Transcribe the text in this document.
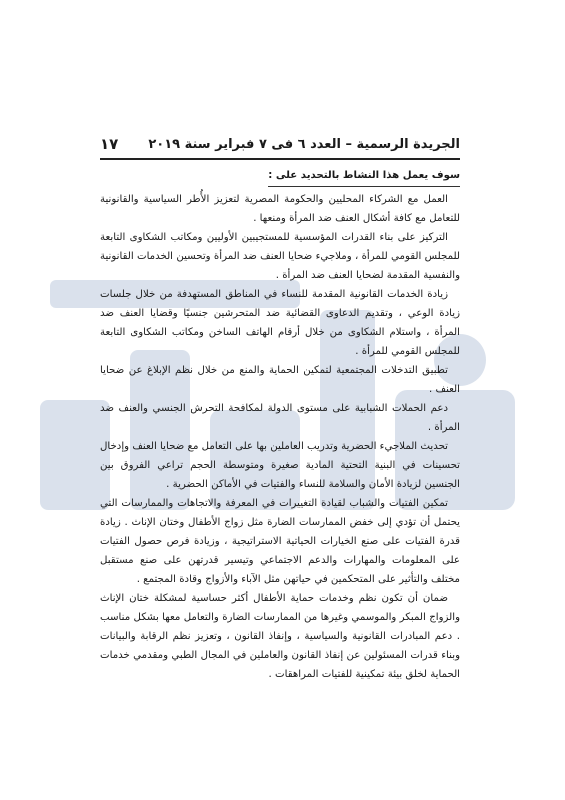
الجريدة الرسمية – العدد ٦ فى ٧ فبراير سنة ٢٠١٩
١٧

سوف يعمل هذا النشاط بالتحديد على :

العمل مع الشركاء المحليين والحكومة المصرية لتعزيز الأُطر السياسية والقانونية للتعامل مع كافة أشكال العنف ضد المرأة ومنعها .

التركيز على بناء القدرات المؤسسية للمستجيبين الأوليين ومكاتب الشكاوى التابعة للمجلس القومي للمرأة ، وملاجيء ضحايا العنف ضد المرأة وتحسين الخدمات القانونية والنفسية المقدمة لضحايا العنف ضد المرأة .

زيادة الخدمات القانونية المقدمة للنساء في المناطق المستهدفة من خلال جلسات زيادة الوعي ، وتقديم الدعاوى القضائية ضد المتحرشين جنسيًا وقضايا العنف ضد المرأة ، واستلام الشكاوى من خلال أرقام الهاتف الساخن ومكاتب الشكاوى التابعة للمجلس القومي للمرأة .

تطبيق التدخلات المجتمعية لتمكين الحماية والمنع من خلال نظم الإبلاغ عن ضحايا العنف .

دعم الحملات الشبابية على مستوى الدولة لمكافحة التحرش الجنسي والعنف ضد المرأة .

تحديث الملاجيء الحضرية وتدريب العاملين بها على التعامل مع ضحايا العنف وإدخال تحسينات في البنية التحتية المادية صغيرة ومتوسطة الحجم تراعي الفروق بين الجنسين لزيادة الأمان والسلامة للنساء والفتيات في الأماكن الحضرية .

تمكين الفتيات والشباب لقيادة التغييرات في المعرفة والاتجاهات والممارسات التي يحتمل أن تؤدي إلى خفض الممارسات الضارة مثل زواج الأطفال وختان الإناث . زيادة قدرة الفتيات على صنع الخيارات الحياتية الاستراتيجية ، وزيادة فرص حصول الفتيات على المعلومات والمهارات والدعم الاجتماعي وتيسير قدرتهن على صنع مستقبل مختلف والتأثير على المتحكمين في حياتهن مثل الآباء والأزواج وقادة المجتمع .

ضمان أن تكون نظم وخدمات حماية الأطفال أكثر حساسية لمشكلة ختان الإناث والزواج المبكر والموسمي وغيرها من الممارسات الضارة والتعامل معها بشكل مناسب . دعم المبادرات القانونية والسياسية ، وإنفاذ القانون ، وتعزيز نظم الرقابة والبيانات وبناء قدرات المسئولين عن إنفاذ القانون والعاملين في المجال الطبي ومقدمي خدمات الحماية لخلق بيئة تمكينية للفتيات المراهقات .
